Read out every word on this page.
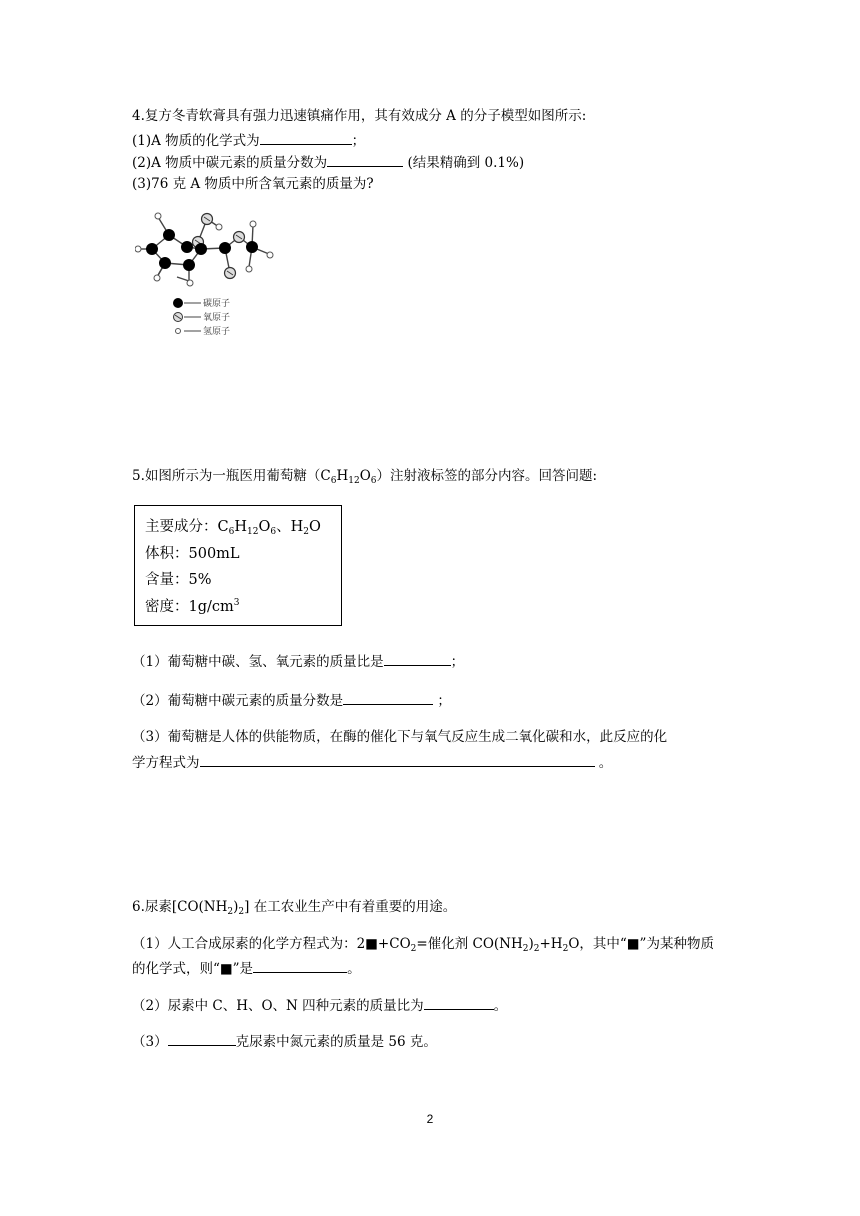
4.复方冬青软膏具有强力迅速镇痛作用，其有效成分 A 的分子模型如图所示:
(1)A 物质的化学式为	；
(2)A 物质中碳元素的质量分数为	(结果精确到 0.1%)
(3)76 克 A 物质中所含氧元素的质量为?
碳原子
氧原子
氢原子
5.如图所示为一瓶医用葡萄糖$(C_6H_{12}O_6)$注射液标签的部分内容。回答问题:
主要成分：$C_6H_{12}O_6$、$H_2O$
体积：500mL
含量：5%
密度：$1g/cm^3$
（1）葡萄糖中碳、氢、氧元素的质量比是	；
（2）葡萄糖中碳元素的质量分数是	；
（3）葡萄糖是人体的供能物质，在酶的催化下与氧气反应生成二氧化碳和水，此反应的化
学方程式为	。
6.尿素$[CO(NH_2)_2]$ 在工农业生产中有着重要的用途。
（1）人工合成尿素的化学方程式为：$2■+CO_2=$催化剂 $CO(NH_2)_2+H_2O$，其中“■”为某种物质
的化学式，则“■”是	。
（2）尿素中 C、H、O、N 四种元素的质量比为	。
（3）	克尿素中氮元素的质量是 56 克。
2
